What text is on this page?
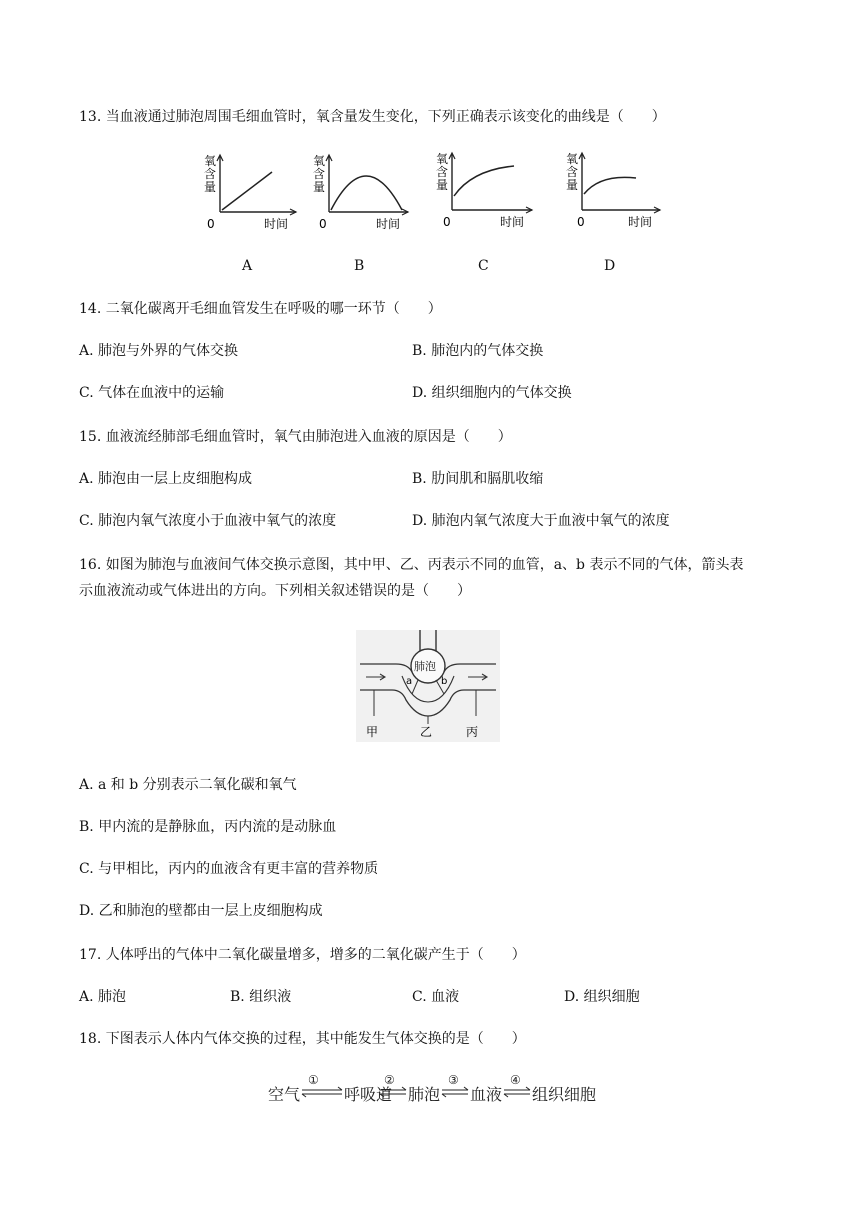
13. 当血液通过肺泡周围毛细血管时，氧含量发生变化，下列正确表示该变化的曲线是（　　）
氧
含
量
0	时间
A
氧
含
量
0	时间
B
氧
含
量
0	时间
C
氧
含
量
0	时间
D
14. 二氧化碳离开毛细血管发生在呼吸的哪一环节（　　）
A. 肺泡与外界的气体交换	B. 肺泡内的气体交换
C. 气体在血液中的运输	D. 组织细胞内的气体交换
15. 血液流经肺部毛细血管时，氧气由肺泡进入血液的原因是（　　）
A. 肺泡由一层上皮细胞构成	B. 肋间肌和膈肌收缩
C. 肺泡内氧气浓度小于血液中氧气的浓度	D. 肺泡内氧气浓度大于血液中氧气的浓度
16. 如图为肺泡与血液间气体交换示意图，其中甲、乙、丙表示不同的血管，a、b 表示不同的气体，箭头表
示血液流动或气体进出的方向。下列相关叙述错误的是（　　）
肺泡
a	b
甲	乙	丙
A. a 和 b 分别表示二氧化碳和氧气
B. 甲内流的是静脉血，丙内流的是动脉血
C. 与甲相比，丙内的血液含有更丰富的营养物质
D. 乙和肺泡的壁都由一层上皮细胞构成
17. 人体呼出的气体中二氧化碳量增多，增多的二氧化碳产生于（　　）
A. 肺泡	B. 组织液	C. 血液	D. 组织细胞
18. 下图表示人体内气体交换的过程，其中能发生气体交换的是（　　）
空气	呼吸道 肺泡 血液 组织细胞
①	②	③	④
